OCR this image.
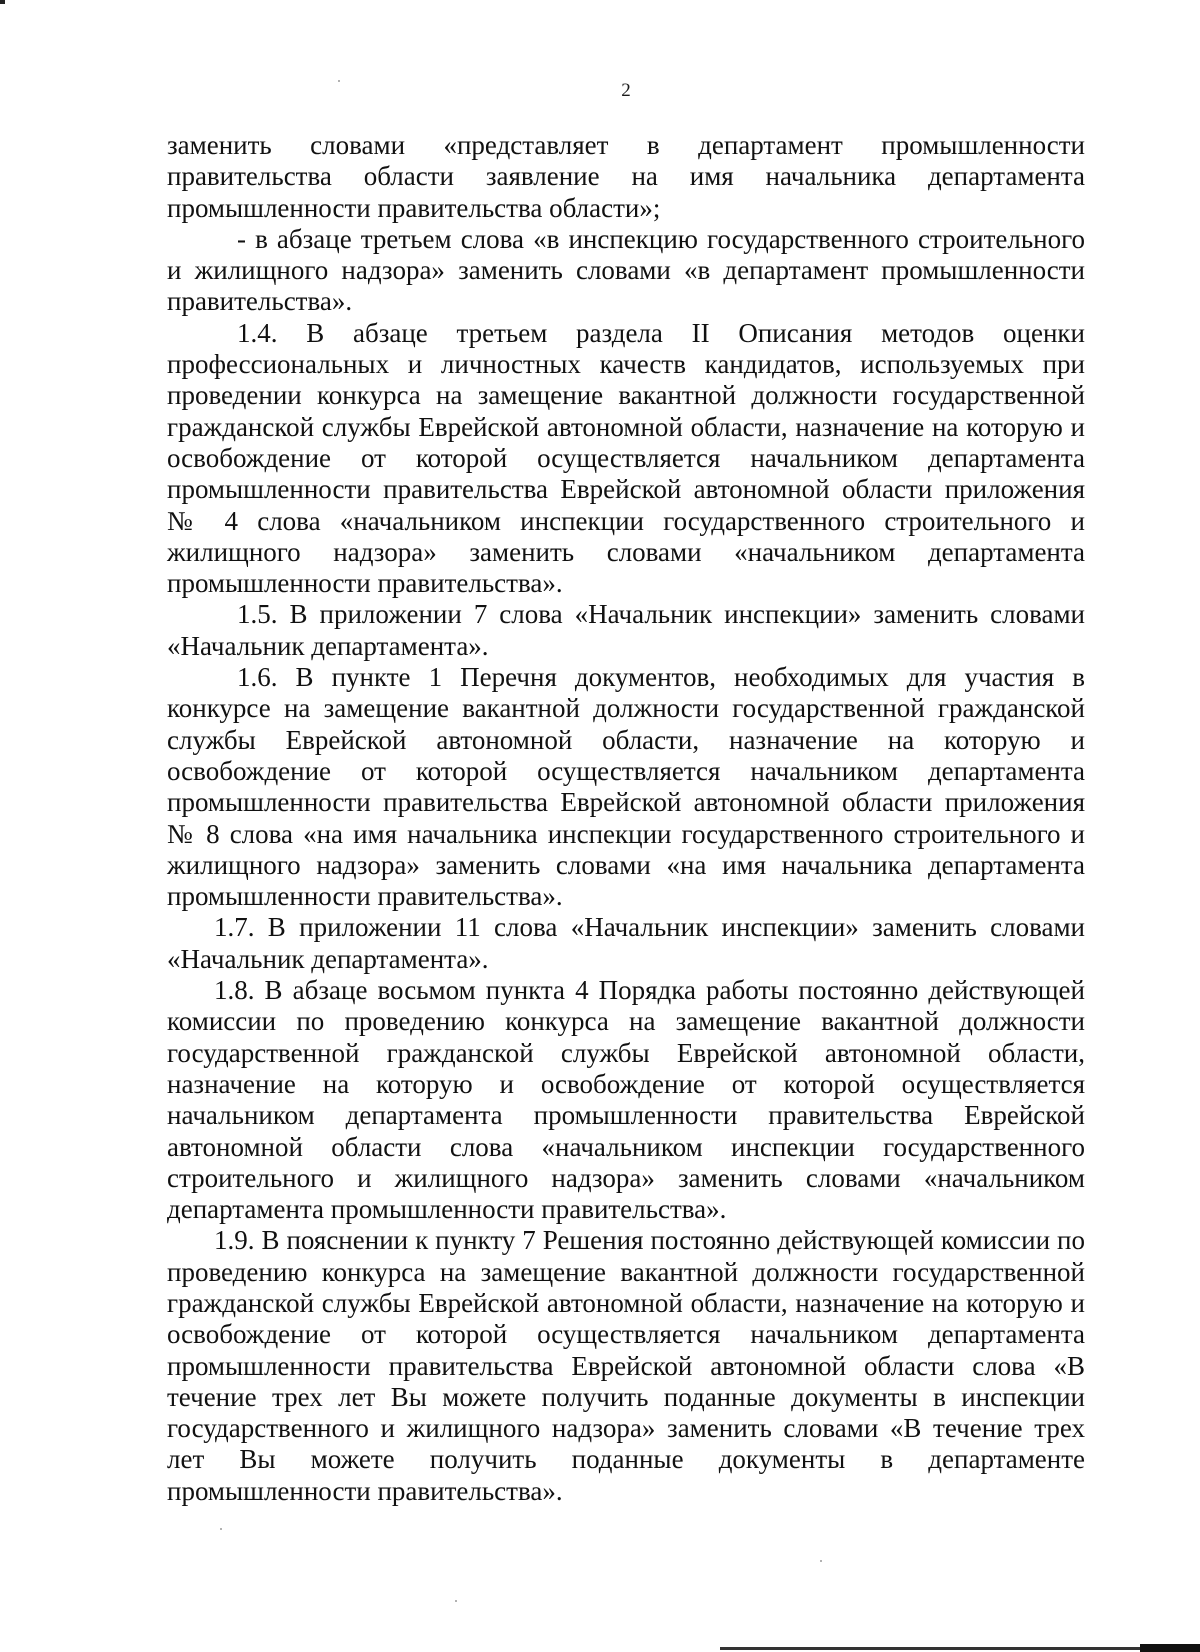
2

заменить словами «представляет в департамент промышленности правительства области заявление на имя начальника департамента промышленности правительства области»;

- в абзаце третьем слова «в инспекцию государственного строительного и жилищного надзора» заменить словами «в департамент промышленности правительства».

1.4. В абзаце третьем раздела II Описания методов оценки профессиональных и личностных качеств кандидатов, используемых при проведении конкурса на замещение вакантной должности государственной гражданской службы Еврейской автономной области, назначение на которую и освобождение от которой осуществляется начальником департамента промышленности правительства Еврейской автономной области приложения № 4 слова «начальником инспекции государственного строительного и жилищного надзора» заменить словами «начальником департамента промышленности правительства».

1.5. В приложении 7 слова «Начальник инспекции» заменить словами «Начальник департамента».

1.6. В пункте 1 Перечня документов, необходимых для участия в конкурсе на замещение вакантной должности государственной гражданской службы Еврейской автономной области, назначение на которую и освобождение от которой осуществляется начальником департамента промышленности правительства Еврейской автономной области приложения № 8 слова «на имя начальника инспекции государственного строительного и жилищного надзора» заменить словами «на имя начальника департамента промышленности правительства».

1.7. В приложении 11 слова «Начальник инспекции» заменить словами «Начальник департамента».

1.8. В абзаце восьмом пункта 4 Порядка работы постоянно действующей комиссии по проведению конкурса на замещение вакантной должности государственной гражданской службы Еврейской автономной области, назначение на которую и освобождение от которой осуществляется начальником департамента промышленности правительства Еврейской автономной области слова «начальником инспекции государственного строительного и жилищного надзора» заменить словами «начальником департамента промышленности правительства».

1.9. В пояснении к пункту 7 Решения постоянно действующей комиссии по проведению конкурса на замещение вакантной должности государственной гражданской службы Еврейской автономной области, назначение на которую и освобождение от которой осуществляется начальником департамента промышленности правительства Еврейской автономной области слова «В течение трех лет Вы можете получить поданные документы в инспекции государственного и жилищного надзора» заменить словами «В течение трех лет Вы можете получить поданные документы в департаменте промышленности правительства».
